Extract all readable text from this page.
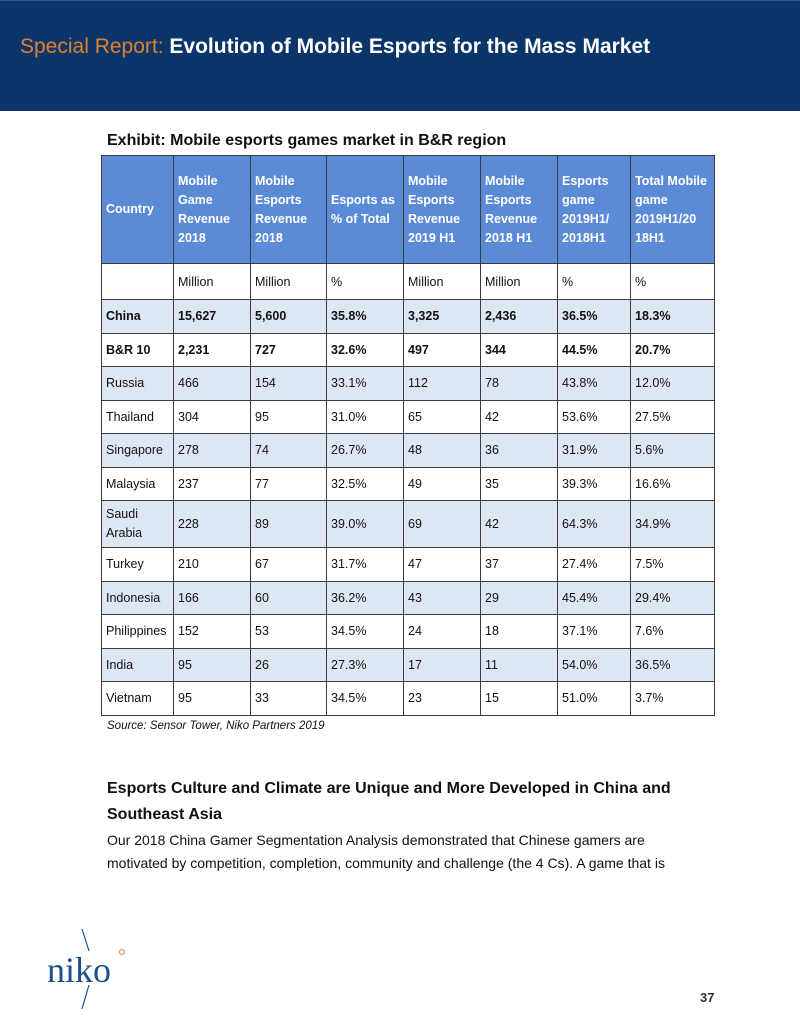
Special Report: Evolution of Mobile Esports for the Mass Market
Exhibit: Mobile esports games market in B&R region
Country	Mobile Game Revenue 2018	Mobile Esports Revenue 2018	Esports as % of Total	Mobile Esports Revenue 2019 H1	Mobile Esports Revenue 2018 H1	Esports game 2019H1/ 2018H1	Total Mobile game 2019H1/20 18H1
	Million	Million	%	Million	Million	%	%
China	15,627	5,600	35.8%	3,325	2,436	36.5%	18.3%
B&R 10	2,231	727	32.6%	497	344	44.5%	20.7%
Russia	466	154	33.1%	112	78	43.8%	12.0%
Thailand	304	95	31.0%	65	42	53.6%	27.5%
Singapore	278	74	26.7%	48	36	31.9%	5.6%
Malaysia	237	77	32.5%	49	35	39.3%	16.6%
Saudi Arabia	228	89	39.0%	69	42	64.3%	34.9%
Turkey	210	67	31.7%	47	37	27.4%	7.5%
Indonesia	166	60	36.2%	43	29	45.4%	29.4%
Philippines	152	53	34.5%	24	18	37.1%	7.6%
India	95	26	27.3%	17	11	54.0%	36.5%
Vietnam	95	33	34.5%	23	15	51.0%	3.7%
Source: Sensor Tower, Niko Partners 2019
Esports Culture and Climate are Unique and More Developed in China and Southeast Asia
Our 2018 China Gamer Segmentation Analysis demonstrated that Chinese gamers are motivated by competition, completion, community and challenge (the 4 Cs). A game that is
niko
37
